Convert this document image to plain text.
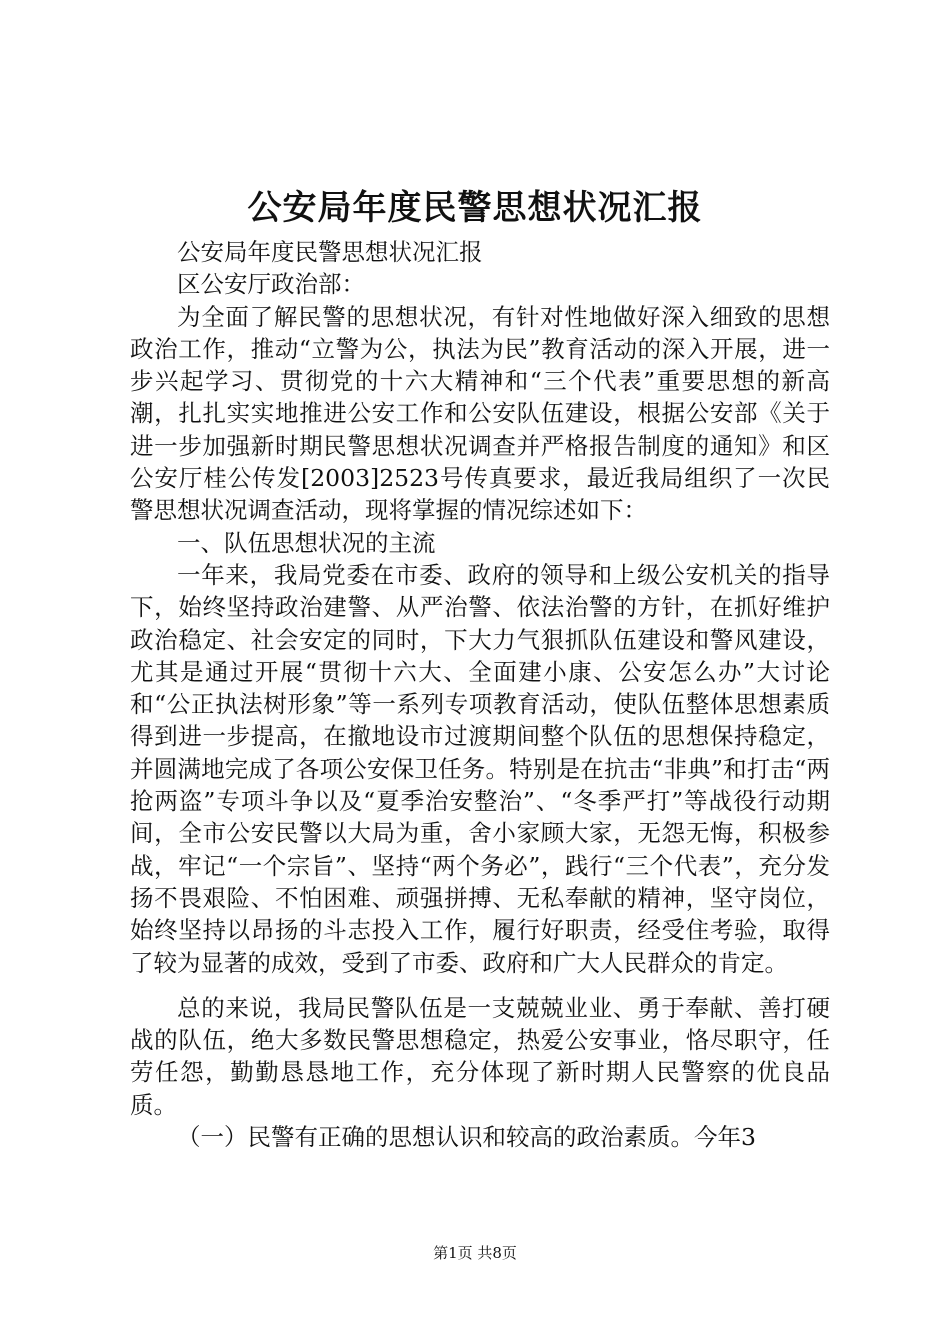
公安局年度民警思想状况汇报

公安局年度民警思想状况汇报

区公安厅政治部：

为全面了解民警的思想状况，有针对性地做好深入细致的思想政治工作，推动“立警为公，执法为民”教育活动的深入开展，进一步兴起学习、贯彻党的十六大精神和“三个代表”重要思想的新高潮，扎扎实实地推进公安工作和公安队伍建设，根据公安部《关于进一步加强新时期民警思想状况调查并严格报告制度的通知》和区公安厅桂公传发[2003]2523号传真要求，最近我局组织了一次民警思想状况调查活动，现将掌握的情况综述如下：

一、队伍思想状况的主流

一年来，我局党委在市委、政府的领导和上级公安机关的指导下，始终坚持政治建警、从严治警、依法治警的方针，在抓好维护政治稳定、社会安定的同时，下大力气狠抓队伍建设和警风建设，尤其是通过开展“贯彻十六大、全面建小康、公安怎么办”大讨论和“公正执法树形象”等一系列专项教育活动，使队伍整体思想素质得到进一步提高，在撤地设市过渡期间整个队伍的思想保持稳定，并圆满地完成了各项公安保卫任务。特别是在抗击“非典”和打击“两抢两盗”专项斗争以及“夏季治安整治”、“冬季严打”等战役行动期间，全市公安民警以大局为重，舍小家顾大家，无怨无悔，积极参战，牢记“一个宗旨”、坚持“两个务必”，践行“三个代表”，充分发扬不畏艰险、不怕困难、顽强拼搏、无私奉献的精神，坚守岗位，始终坚持以昂扬的斗志投入工作，履行好职责，经受住考验，取得了较为显著的成效，受到了市委、政府和广大人民群众的肯定。

总的来说，我局民警队伍是一支兢兢业业、勇于奉献、善打硬战的队伍，绝大多数民警思想稳定，热爱公安事业，恪尽职守，任劳任怨，勤勤恳恳地工作，充分体现了新时期人民警察的优良品质。

（一）民警有正确的思想认识和较高的政治素质。今年3

第1页 共8页
